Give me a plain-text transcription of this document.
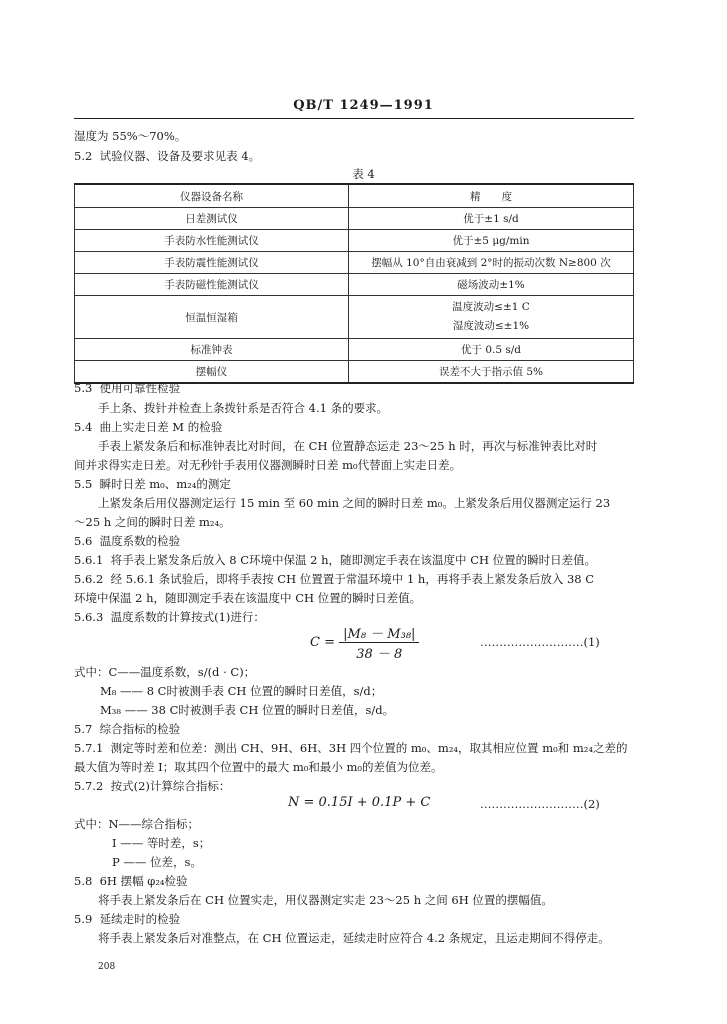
QB/T 1249—1991
湿度为 55%～70%。
5.2 试验仪器、设备及要求见表 4。
表 4
仪器设备名称	精　　度
日差测试仪	优于±1 s/d
手表防水性能测试仪	优于±5 μg/min
手表防震性能测试仪	摆幅从 10°自由衰减到 2°时的振动次数 N≥800 次
手表防磁性能测试仪	磁场波动±1%
恒温恒湿箱	温度波动≤±1 C
湿度波动≤±1%

标准钟表	优于 0.5 s/d
摆幅仪	误差不大于指示值 5%
5.3 使用可靠性检验
手上条、拨针并检查上条拨针系是否符合 4.1 条的要求。
5.4 曲上实走日差 M 的检验
手表上紧发条后和标准钟表比对时间，在 CH 位置静态运走 23～25 h 时，再次与标准钟表比对时
间并求得实走日差。对无秒针手表用仪器测瞬时日差 m₀代替面上实走日差。
5.5 瞬时日差 m₀、m₂₄的测定
上紧发条后用仪器测定运行 15 min 至 60 min 之间的瞬时日差 m₀。上紧发条后用仪器测定运行 23
～25 h 之间的瞬时日差 m₂₄。
5.6 温度系数的检验
5.6.1 将手表上紧发条后放入 8 C环境中保温 2 h，随即测定手表在该温度中 CH 位置的瞬时日差值。
5.6.2 经 5.6.1 条试验后，即将手表按 CH 位置置于常温环境中 1 h，再将手表上紧发条后放入 38 C
环境中保温 2 h，随即测定手表在该温度中 CH 位置的瞬时日差值。
5.6.3 温度系数的计算按式(1)进行：
$C = \frac{\text{|M₈ － M₃₈|}}{38 - 8}$	………………………(1)
式中：C——温度系数，s/(d · C)；
M₈ —— 8 C时被测手表 CH 位置的瞬时日差值，s/d；
M₃₈ —— 38 C时被测手表 CH 位置的瞬时日差值，s/d。
5.7 综合指标的检验
5.7.1 测定等时差和位差：测出 CH、9H、6H、3H 四个位置的 m₀、m₂₄，取其相应位置 m₀和 m₂₄之差的
最大值为等时差 I；取其四个位置中的最大 m₀和最小 m₀的差值为位差。
5.7.2 按式(2)计算综合指标：
N = 0.15I + 0.1P + C	………………………(2)
式中：N——综合指标；
I —— 等时差，s；
P —— 位差，s。
5.8 6H 摆幅 φ₂₄检验
将手表上紧发条后在 CH 位置实走，用仪器测定实走 23～25 h 之间 6H 位置的摆幅值。
5.9 延续走时的检验
将手表上紧发条后对准整点，在 CH 位置运走，延续走时应符合 4.2 条规定，且运走期间不得停走。
208
